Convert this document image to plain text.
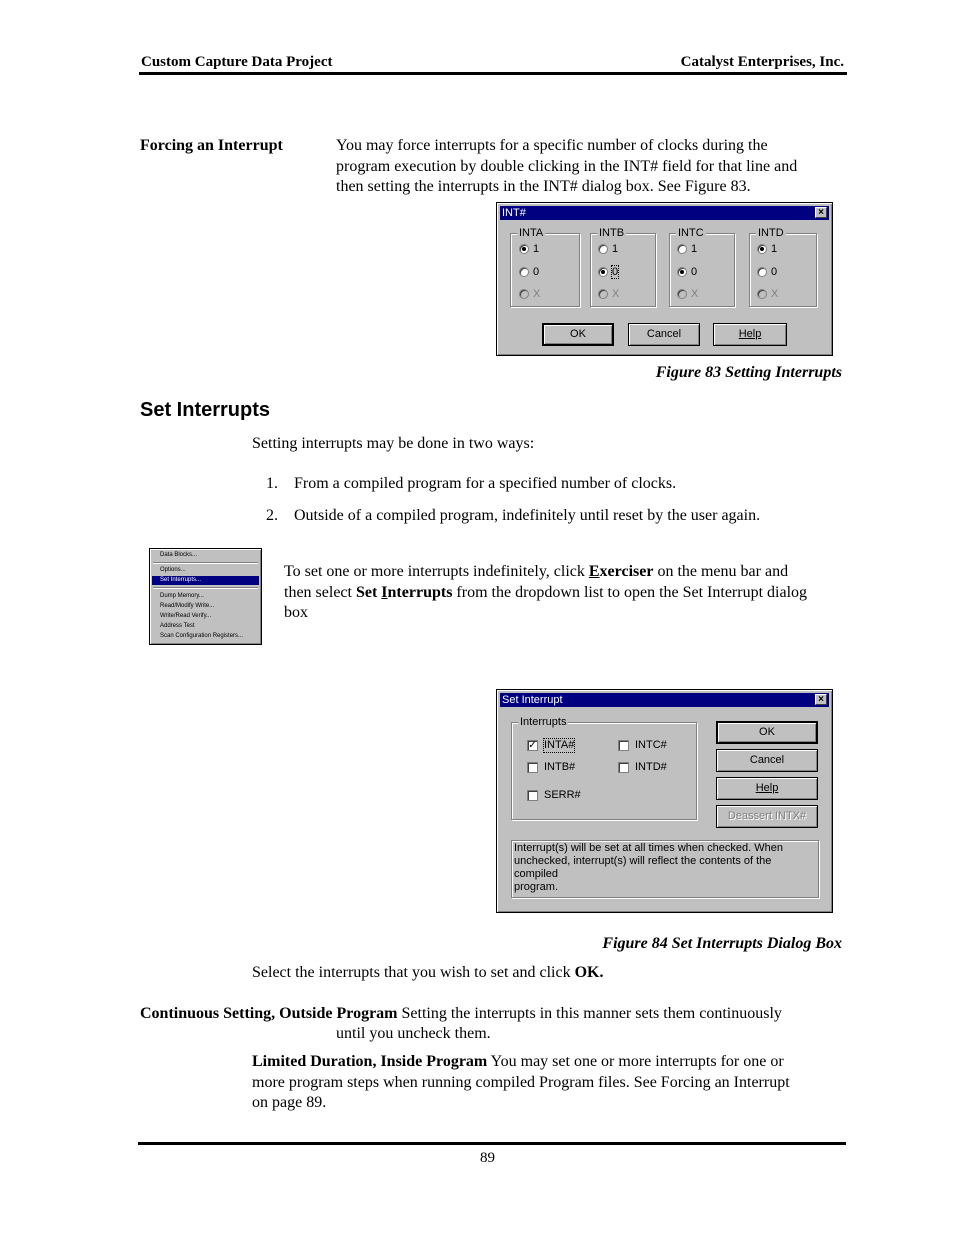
Custom Capture Data Project	Catalyst Enterprises, Inc.
Forcing an Interrupt	You may force interrupts for a specific number of clocks during the
program execution by double clicking in the INT# field for that line and
then setting the interrupts in the INT# dialog box. See Figure 83.
INT#	×
INTA
1
0
X
INTB
1
0
X
INTC
1
0
X
INTD
1
0
X
OK	Cancel	Help
Figure 83 Setting Interrupts
Set Interrupts
Setting interrupts may be done in two ways:
1. From a compiled program for a specified number of clocks.
2. Outside of a compiled program, indefinitely until reset by the user again.
Data Blocks...
Options...
Set Interrupts...
Dump Memory...
Read/Modify Write...
Write/Read Verify...
Address Test
Scan Configuration Registers...
To set one or more interrupts indefinitely, click Exerciser on the menu bar and
then select Set Interrupts from the dropdown list to open the Set Interrupt dialog
box
Set Interrupt	×
Interrupts
✓ INTA#	INTC#
INTB#	INTD#
SERR#
OK
Cancel
Help
Deassert INTX#
Interrupt(s) will be set at all times when checked. When
unchecked, interrupt(s) will reflect the contents of the compiled
program.
Figure 84 Set Interrupts Dialog Box
Select the interrupts that you wish to set and click OK.
Continuous Setting, Outside Program Setting the interrupts in this manner sets them continuously
until you uncheck them.
Limited Duration, Inside Program You may set one or more interrupts for one or
more program steps when running compiled Program files. See Forcing an Interrupt
on page 89.
89
